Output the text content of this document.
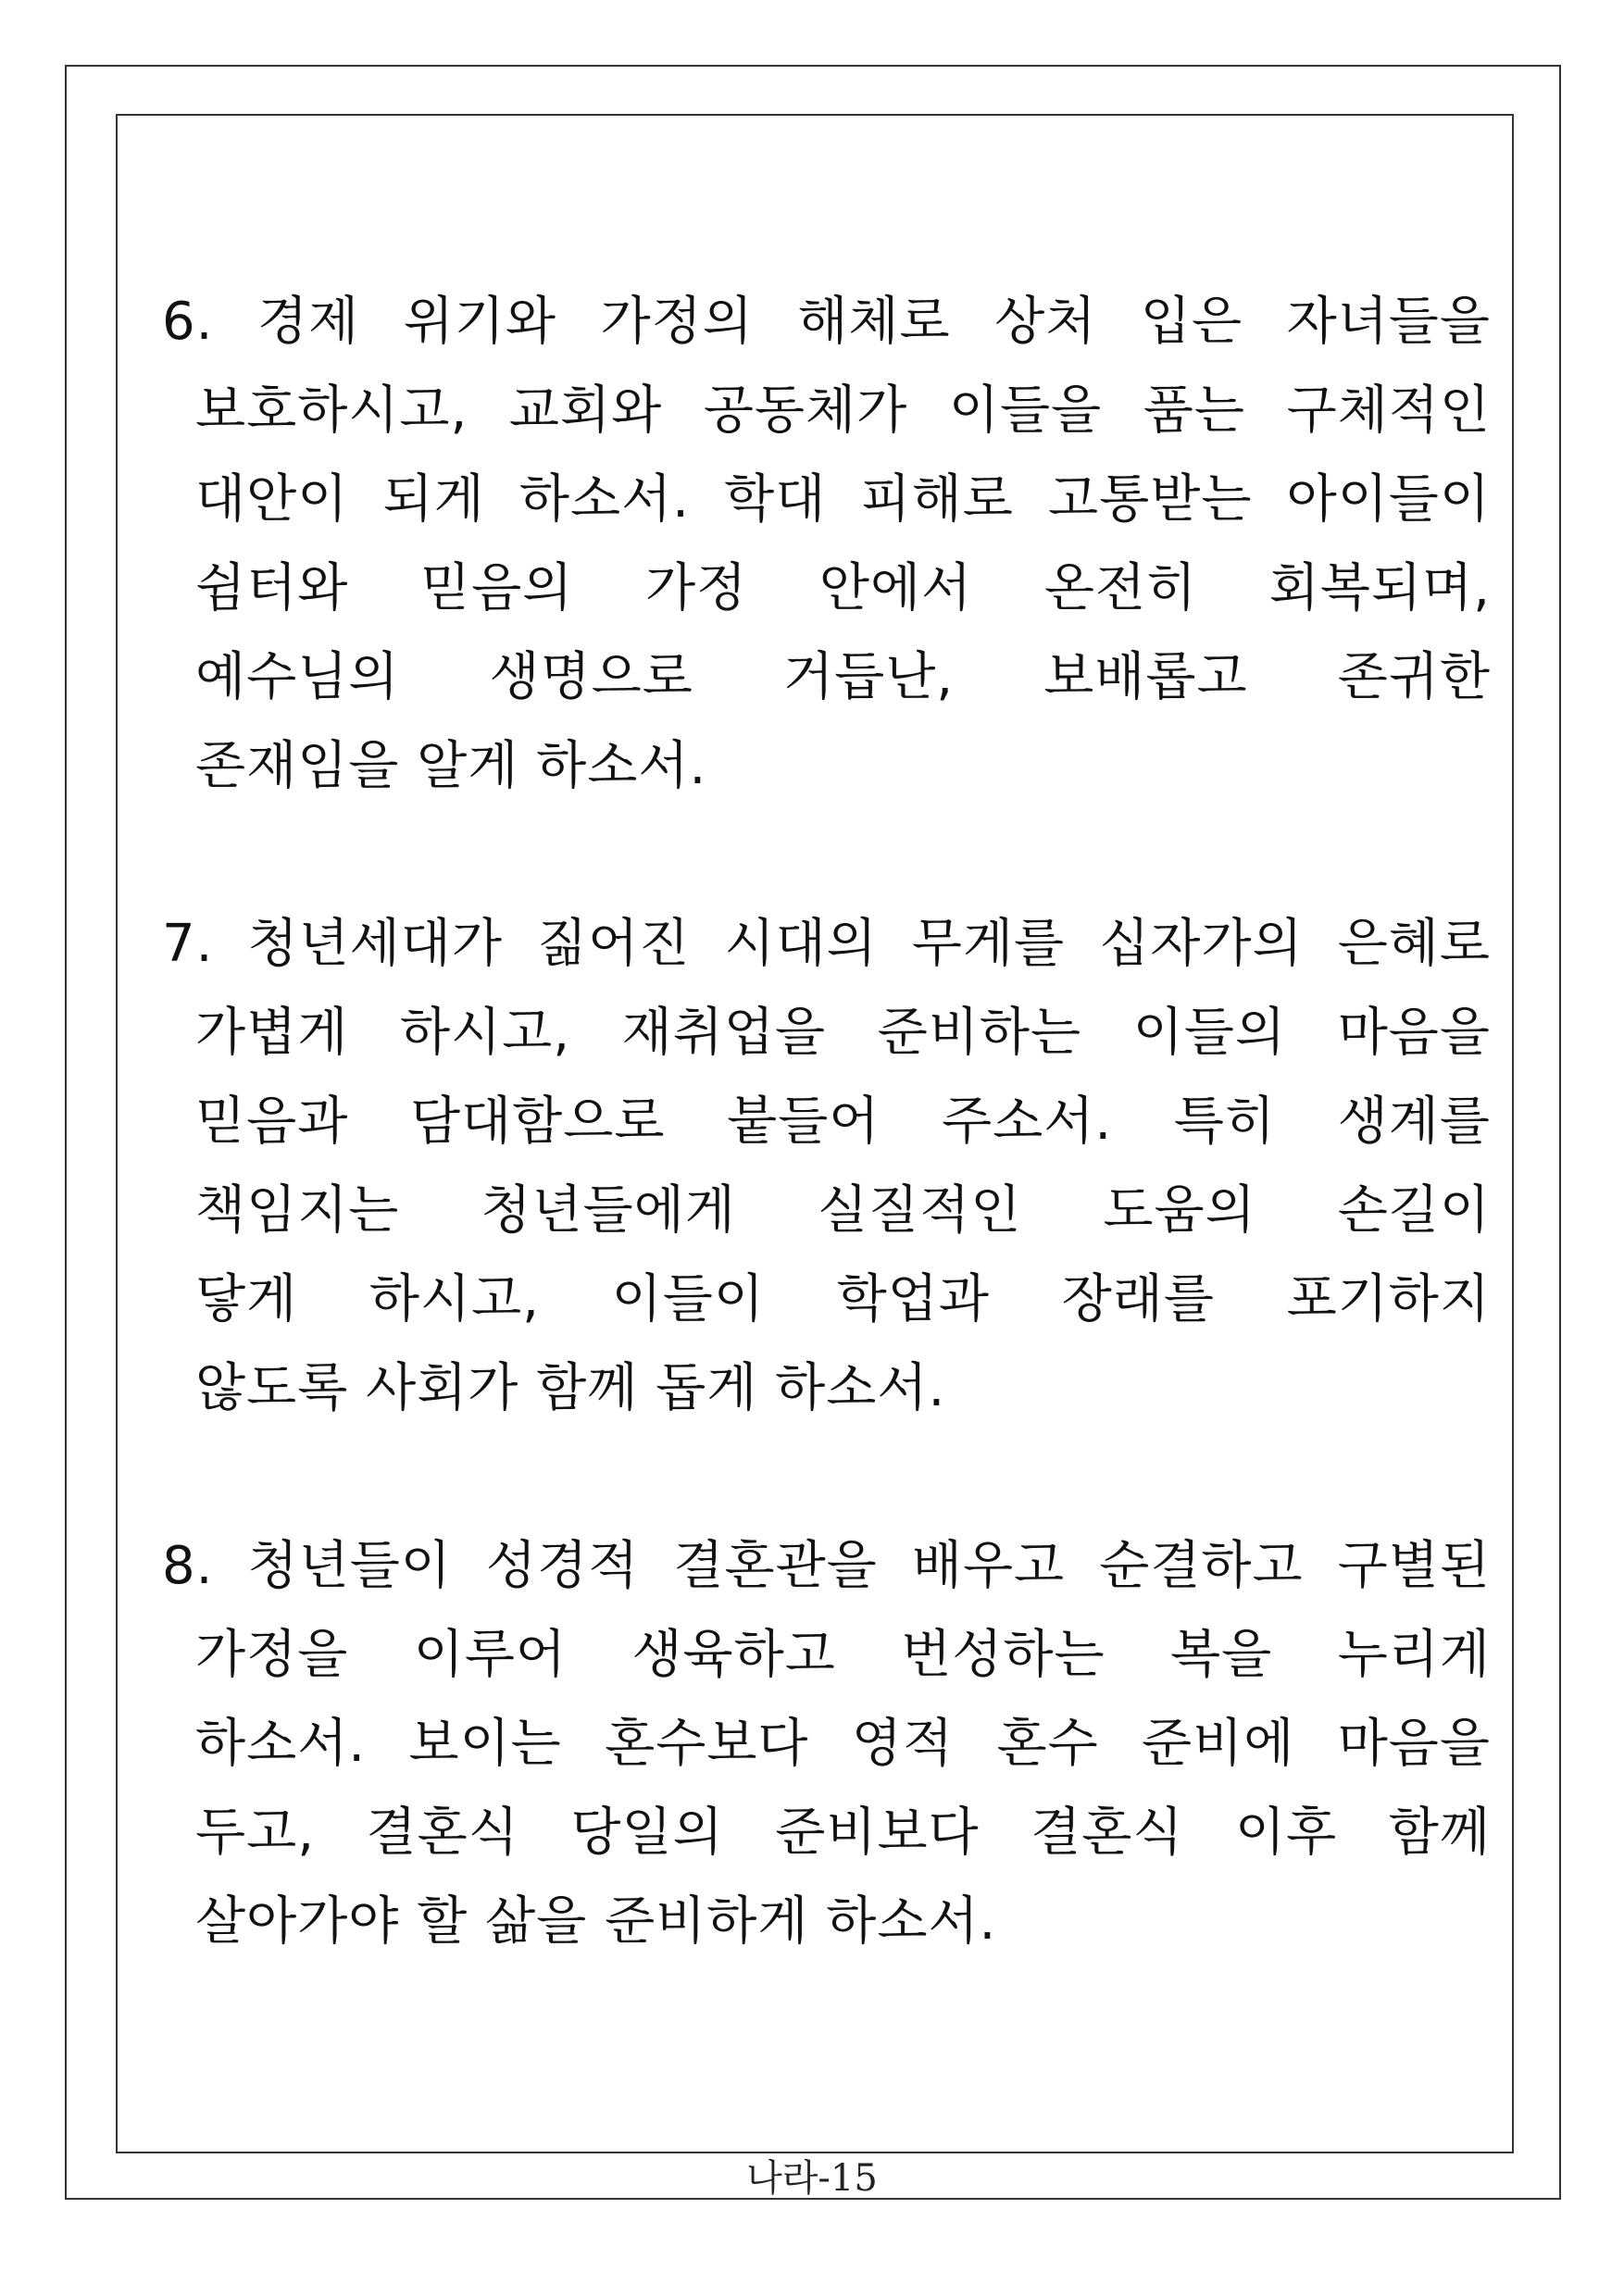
6. 경제 위기와 가정의 해체로 상처 입은 자녀들을
보호하시고, 교회와 공동체가 이들을 품는 구체적인
대안이 되게 하소서. 학대 피해로 고통받는 아이들이
쉼터와 믿음의 가정 안에서 온전히 회복되며,
예수님의 생명으로 거듭난, 보배롭고 존귀한
존재임을 알게 하소서.
7. 청년세대가 짊어진 시대의 무게를 십자가의 은혜로
가볍게 하시고, 재취업을 준비하는 이들의 마음을
믿음과 담대함으로 붙들어 주소서. 특히 생계를
책임지는 청년들에게 실질적인 도움의 손길이
닿게 하시고, 이들이 학업과 장래를 포기하지
않도록 사회가 함께 돕게 하소서.
8. 청년들이 성경적 결혼관을 배우고 순결하고 구별된
가정을 이루어 생육하고 번성하는 복을 누리게
하소서. 보이는 혼수보다 영적 혼수 준비에 마음을
두고, 결혼식 당일의 준비보다 결혼식 이후 함께
살아가야 할 삶을 준비하게 하소서.
나라-15
